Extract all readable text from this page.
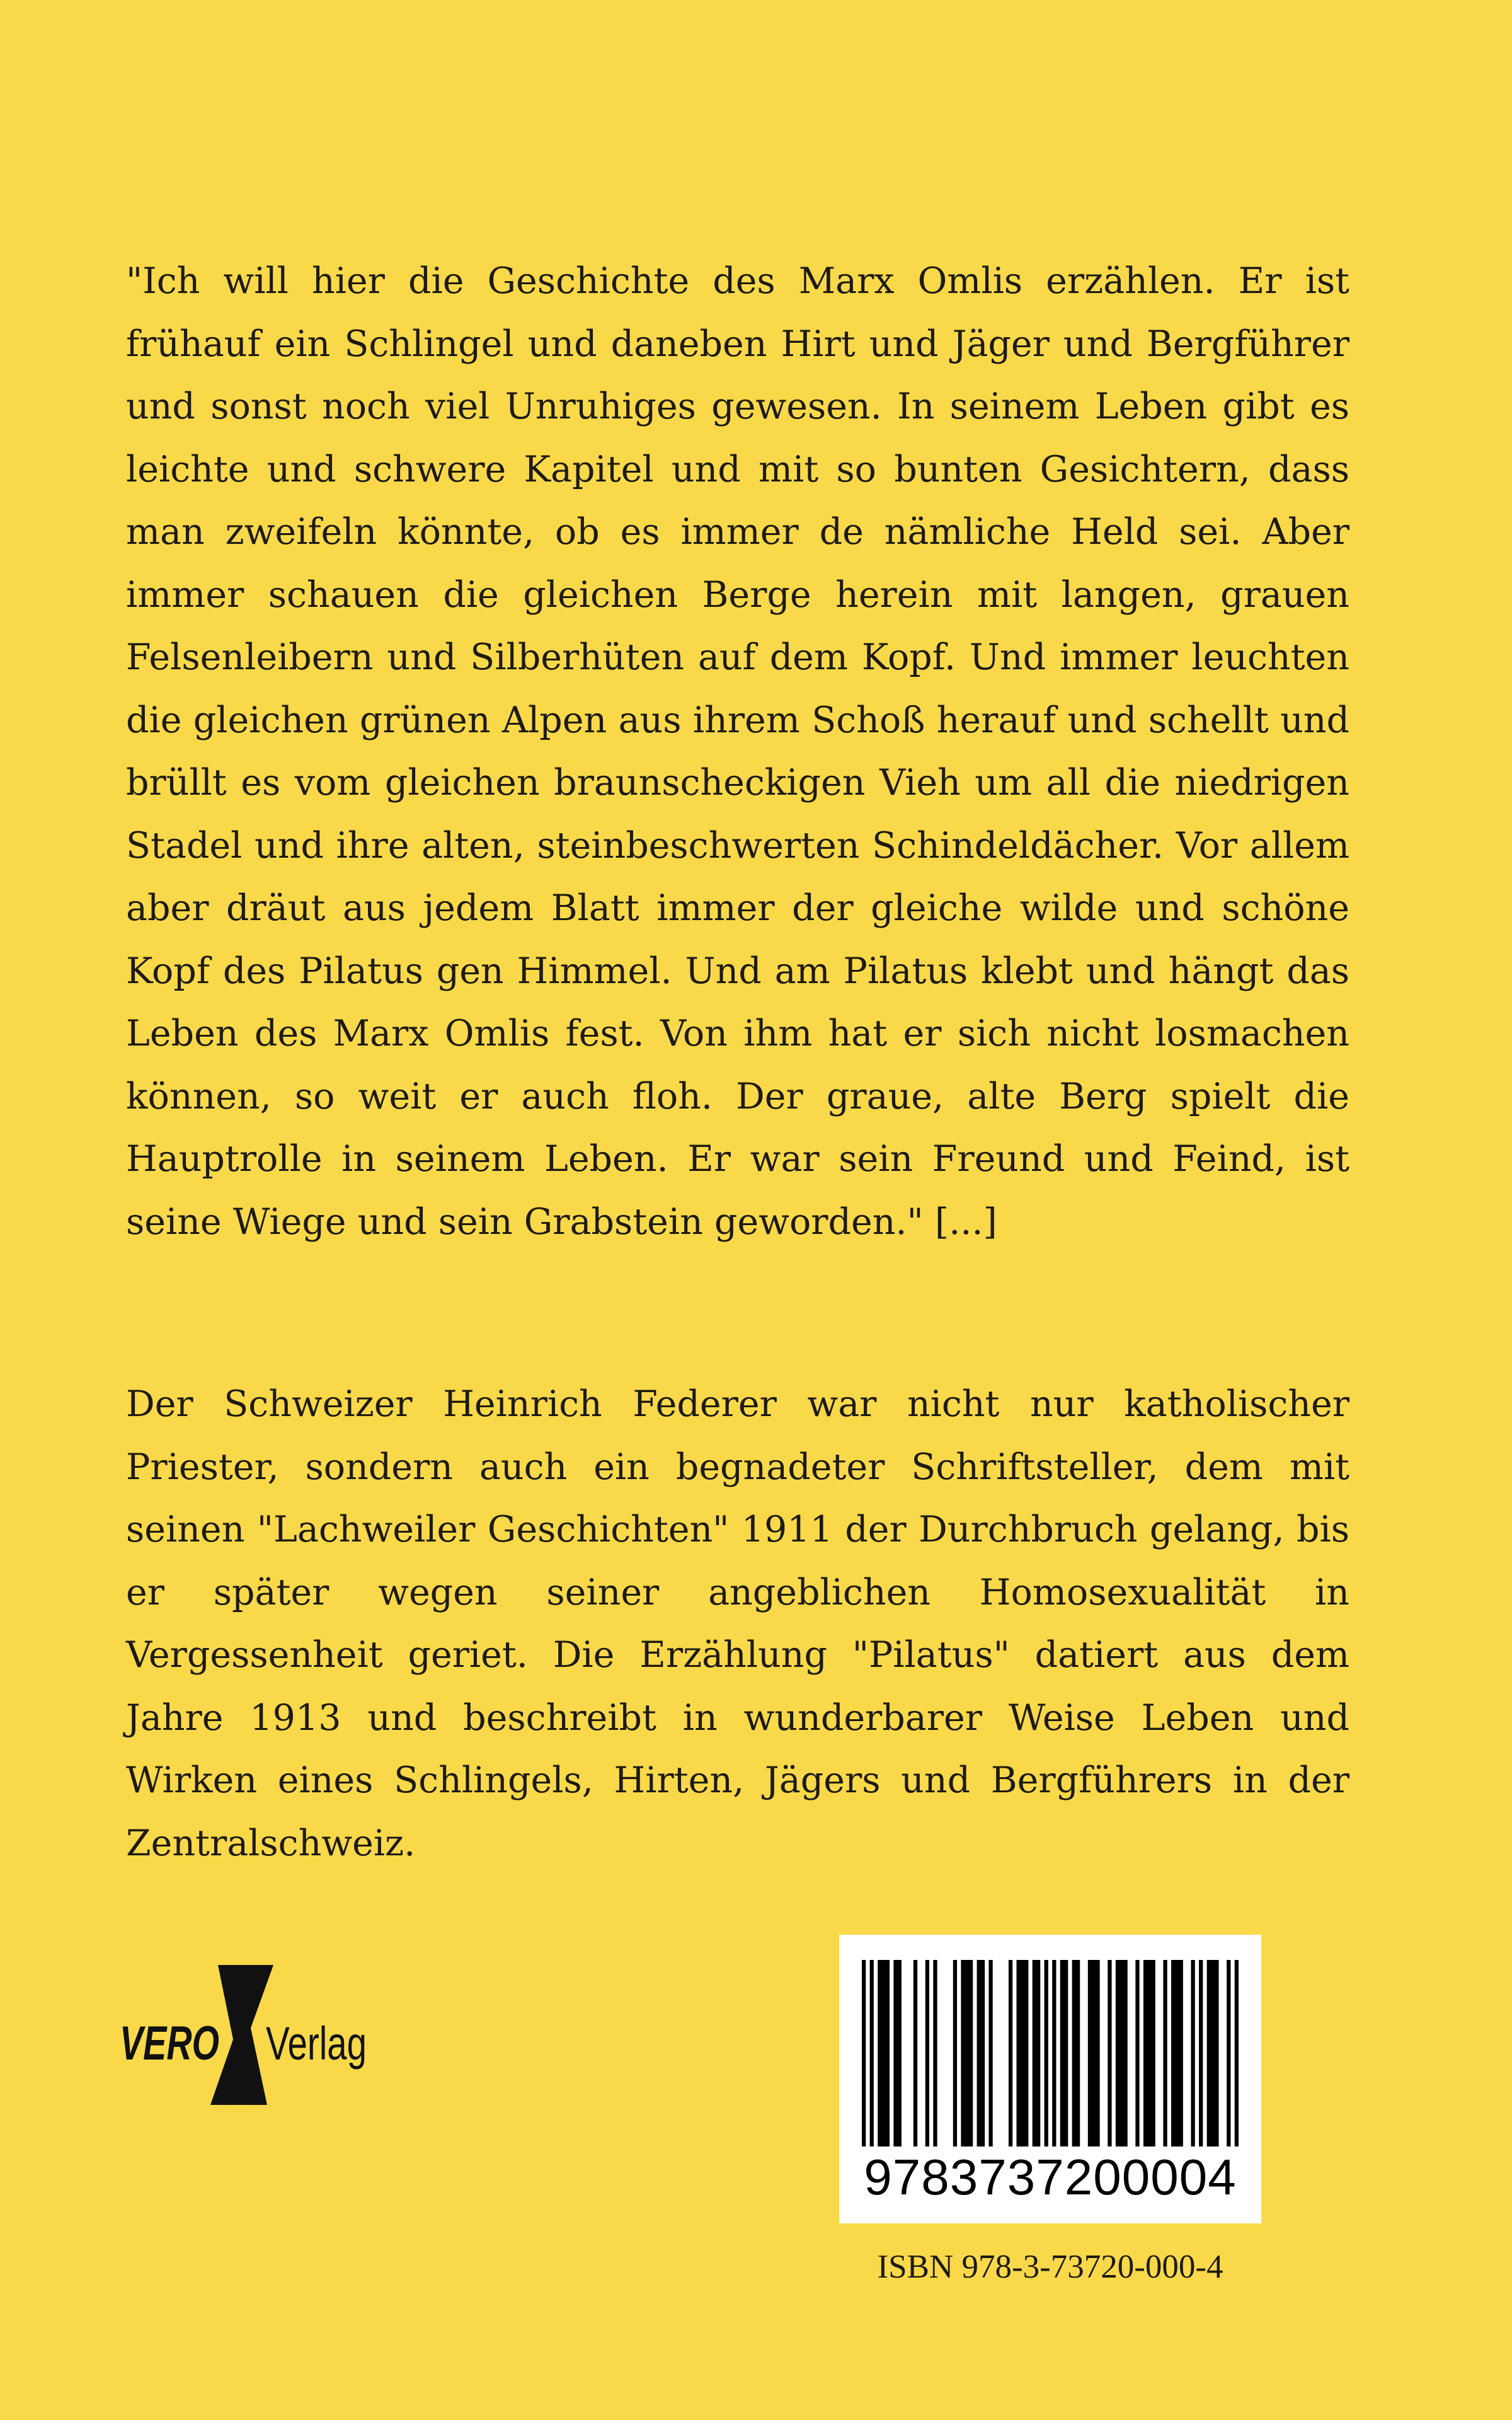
"Ich will hier die Geschichte des Marx Omlis erzählen. Er ist frühauf ein Schlingel und daneben Hirt und Jäger und Bergführer und sonst noch viel Unruhiges gewesen. In seinem Leben gibt es leichte und schwere Kapitel und mit so bunten Gesichtern, dass man zweifeln könnte, ob es immer de nämliche Held sei. Aber immer schauen die gleichen Berge herein mit langen, grauen Felsenleibern und Silberhüten auf dem Kopf. Und immer leuchten die gleichen grünen Alpen aus ihrem Schoß herauf und schellt und brüllt es vom gleichen braunscheckigen Vieh um all die niedrigen Stadel und ihre alten, steinbeschwerten Schindeldächer. Vor allem aber dräut aus jedem Blatt immer der gleiche wilde und schöne Kopf des Pilatus gen Himmel. Und am Pilatus klebt und hängt das Leben des Marx Omlis fest. Von ihm hat er sich nicht losmachen können, so weit er auch floh. Der graue, alte Berg spielt die Hauptrolle in seinem Leben. Er war sein Freund und Feind, ist seine Wiege und sein Grabstein geworden." [...]

Der Schweizer Heinrich Federer war nicht nur katholischer Priester, sondern auch ein begnadeter Schriftsteller, dem mit seinen "Lachweiler Geschichten" 1911 der Durchbruch gelang, bis er später wegen seiner angeblichen Homosexualität in Vergessenheit geriet. Die Erzählung "Pilatus" datiert aus dem Jahre 1913 und beschreibt in wunderbarer Weise Leben und Wirken eines Schlingels, Hirten, Jägers und Bergführers in der Zentralschweiz.

VERO Verlag
9783737200004
ISBN 978-3-73720-000-4
